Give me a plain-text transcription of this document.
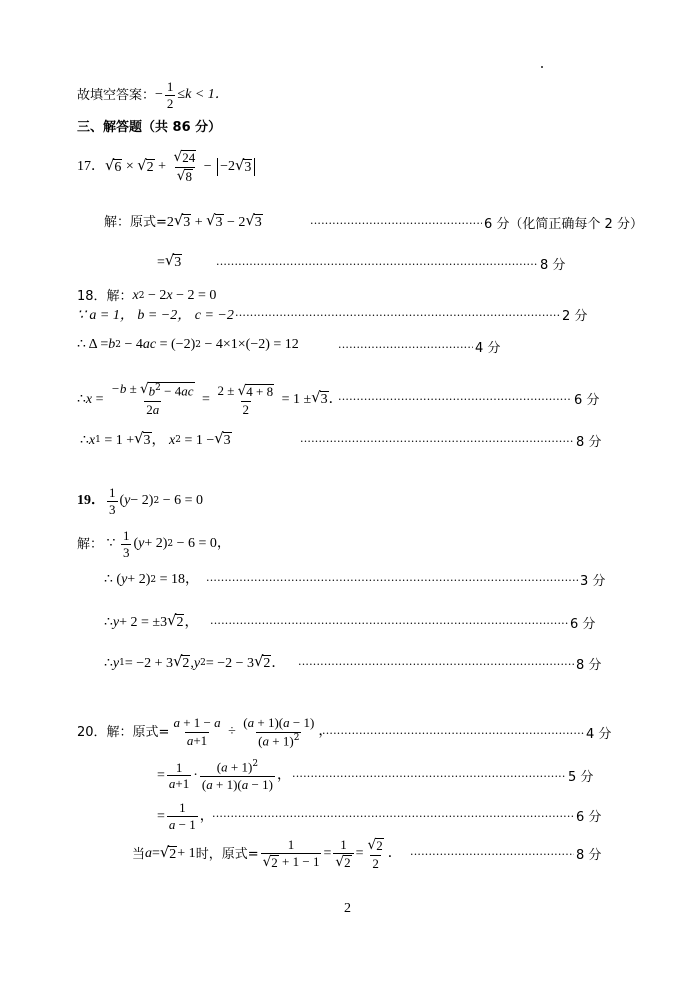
故填空答案： − $\frac{1}{2} \le k < 1$．
三、解答题（共 86 分）
17． √ 6 × √ $2 + \frac{√ 24}{√ 8} - -2$ √ 3
解：原式= 2 √ 3 + √ 3 − 2 √ 3 ·····	6 分（化简正确每个 2 分）
= √ 3 ·····	8 分
18．解： x 2 − 2 x − 2 = 0
∵ a = 1， b = −2， c = −2 ·····	2 分
∴ Δ = b 2 − 4 ac = (−2) 2 − 4×1×(−2) = 12 ·····	4 分
∴ $x = \frac{-b \pm √ b^2 - 4ac}{2a} = \frac{2 \pm √ 4 + 8}{2} = 1$ ± √ 3 ． ·····	6 分
∴ x 1 = 1 + √ 3 ， x 2 = 1 − √ 3 ·····	8 分
19． $\frac{1}{3}$ ( y − 2) 2 − 6 = 0
解： ∵ $\frac{1}{3}$ ( y + 2) 2 − 6 = 0，
∴ ( y + 2) 2 = 18， ·····	3 分
∴ y + 2 = ±3 √ 2 ， ·····	6 分
∴ y 1 = −2 + 3 √ 2 , y 2 = −2 − 3 √ 2 ． ·····	8 分
20．解：原式= $\frac{a + 1 - a}{a+1} \div \frac{(a + 1)(a - 1)}{(a + 1)^2}$ ， ·····	4 分
= $\frac{1}{a+1} \cdot \frac{(a + 1)^2}{(a + 1)(a - 1)}$ ， ·····	5 分
= $\frac{1}{a - 1}$ ， ·····	6 分
当 a = √ 2 + 1 时，原式= $\frac{1}{√ 2 + 1 - 1} = \frac{1}{√ 2} = \frac{√ 2}{2}$ ． ·····	8 分
2
